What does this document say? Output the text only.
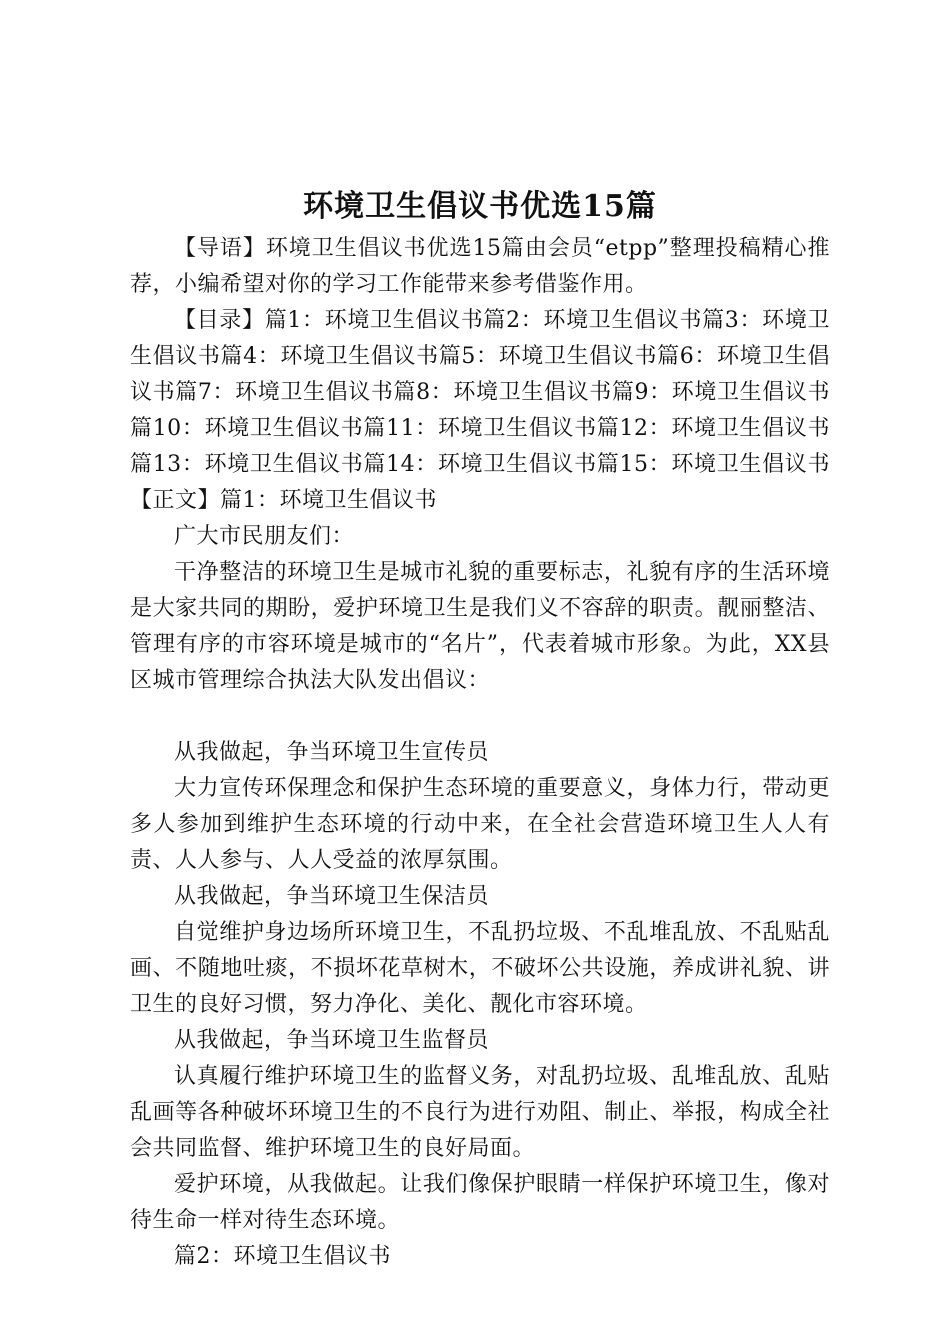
环境卫生倡议书优选15篇

【导语】环境卫生倡议书优选15篇由会员“etpp”整理投稿精心推荐，小编希望对你的学习工作能带来参考借鉴作用。

【目录】篇1：环境卫生倡议书篇2：环境卫生倡议书篇3：环境卫生倡议书篇4：环境卫生倡议书篇5：环境卫生倡议书篇6：环境卫生倡议书篇7：环境卫生倡议书篇8：环境卫生倡议书篇9：环境卫生倡议书篇10：环境卫生倡议书篇11：环境卫生倡议书篇12：环境卫生倡议书篇13：环境卫生倡议书篇14：环境卫生倡议书篇15：环境卫生倡议书【正文】篇1：环境卫生倡议书

广大市民朋友们：

干净整洁的环境卫生是城市礼貌的重要标志，礼貌有序的生活环境是大家共同的期盼，爱护环境卫生是我们义不容辞的职责。靓丽整洁、管理有序的市容环境是城市的“名片”，代表着城市形象。为此，XX县区城市管理综合执法大队发出倡议：

从我做起，争当环境卫生宣传员

大力宣传环保理念和保护生态环境的重要意义，身体力行，带动更多人参加到维护生态环境的行动中来，在全社会营造环境卫生人人有责、人人参与、人人受益的浓厚氛围。

从我做起，争当环境卫生保洁员

自觉维护身边场所环境卫生，不乱扔垃圾、不乱堆乱放、不乱贴乱画、不随地吐痰，不损坏花草树木，不破坏公共设施，养成讲礼貌、讲卫生的良好习惯，努力净化、美化、靓化市容环境。

从我做起，争当环境卫生监督员

认真履行维护环境卫生的监督义务，对乱扔垃圾、乱堆乱放、乱贴乱画等各种破坏环境卫生的不良行为进行劝阻、制止、举报，构成全社会共同监督、维护环境卫生的良好局面。

爱护环境，从我做起。让我们像保护眼睛一样保护环境卫生，像对待生命一样对待生态环境。

篇2：环境卫生倡议书
